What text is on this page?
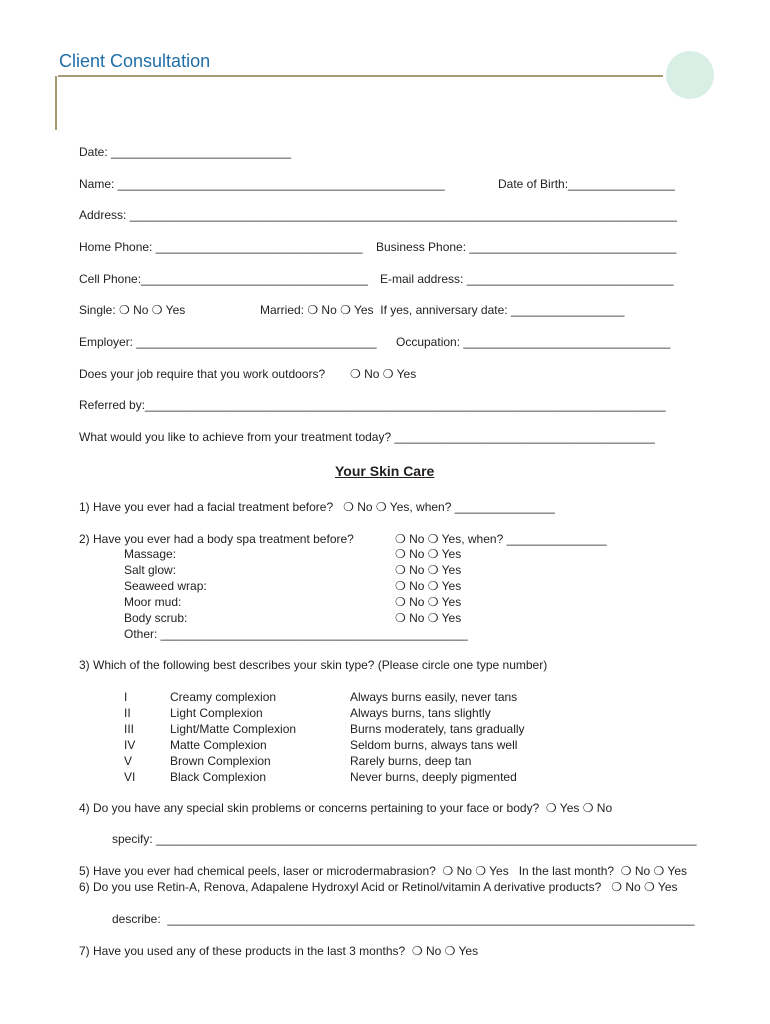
Client Consultation
Date: ___________________________
Name: _________________________________________________	Date of Birth:________________
Address: __________________________________________________________________________________
Home Phone: _______________________________ Business Phone: _______________________________
Cell Phone:__________________________________ E-mail address: _______________________________
Single: ❍ No ❍ Yes	Married: ❍ No ❍ Yes  If yes, anniversary date: _________________
Employer: ____________________________________ Occupation: _______________________________
Does your job require that you work outdoors? ❍ No ❍ Yes
Referred by:______________________________________________________________________________
What would you like to achieve from your treatment today? _______________________________________
Your Skin Care
1) Have you ever had a facial treatment before?   ❍ No ❍ Yes, when? _______________
2) Have you ever had a body spa treatment before?	❍ No ❍ Yes, when? _______________
Massage:	❍ No ❍ Yes
Salt glow:	❍ No ❍ Yes
Seaweed wrap:	❍ No ❍ Yes
Moor mud:	❍ No ❍ Yes
Body scrub:	❍ No ❍ Yes
Other: ______________________________________________
3) Which of the following best describes your skin type? (Please circle one type number)
I	Creamy complexion	Always burns easily, never tans
II	Light Complexion	Always burns, tans slightly
III	Light/Matte Complexion	Burns moderately, tans gradually
IV	Matte Complexion	Seldom burns, always tans well
V	Brown Complexion	Rarely burns, deep tan
VI	Black Complexion	Never burns, deeply pigmented
4) Do you have any special skin problems or concerns pertaining to your face or body?  ❍ Yes ❍ No
specify: _________________________________________________________________________________
5) Have you ever had chemical peels, laser or microdermabrasion?  ❍ No ❍ Yes   In the last month?  ❍ No ❍ Yes
6) Do you use Retin-A, Renova, Adapalene Hydroxyl Acid or Retinol/vitamin A derivative products?   ❍ No ❍ Yes
describe:  _______________________________________________________________________________
7) Have you used any of these products in the last 3 months?  ❍ No ❍ Yes
